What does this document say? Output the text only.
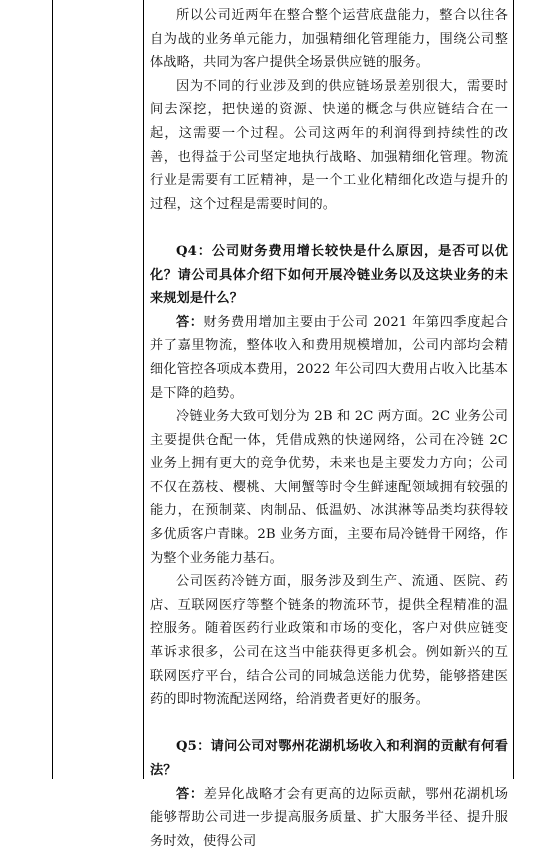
所以公司近两年在整合整个运营底盘能力，整合以往各自为战的业务单元能力，加强精细化管理能力，围绕公司整体战略，共同为客户提供全场景供应链的服务。

因为不同的行业涉及到的供应链场景差别很大，需要时间去深挖，把快递的资源、快递的概念与供应链结合在一起，这需要一个过程。公司这两年的利润得到持续性的改善，也得益于公司坚定地执行战略、加强精细化管理。物流行业是需要有工匠精神，是一个工业化精细化改造与提升的过程，这个过程是需要时间的。

Q4：公司财务费用增长较快是什么原因，是否可以优化？请公司具体介绍下如何开展冷链业务以及这块业务的未来规划是什么？

答：财务费用增加主要由于公司 2021 年第四季度起合并了嘉里物流，整体收入和费用规模增加，公司内部均会精细化管控各项成本费用，2022 年公司四大费用占收入比基本是下降的趋势。

冷链业务大致可划分为 2B 和 2C 两方面。2C 业务公司主要提供仓配一体，凭借成熟的快递网络，公司在冷链 2C 业务上拥有更大的竞争优势，未来也是主要发力方向；公司不仅在荔枝、樱桃、大闸蟹等时令生鲜速配领域拥有较强的能力，在预制菜、肉制品、低温奶、冰淇淋等品类均获得较多优质客户青睐。2B 业务方面，主要布局冷链骨干网络，作为整个业务能力基石。

公司医药冷链方面，服务涉及到生产、流通、医院、药店、互联网医疗等整个链条的物流环节，提供全程精准的温控服务。随着医药行业政策和市场的变化，客户对供应链变革诉求很多，公司在这当中能获得更多机会。例如新兴的互联网医疗平台，结合公司的同城急送能力优势，能够搭建医药的即时物流配送网络，给消费者更好的服务。

Q5：请问公司对鄂州花湖机场收入和利润的贡献有何看法？

答：差异化战略才会有更高的边际贡献，鄂州花湖机场能够帮助公司进一步提高服务质量、扩大服务半径、提升服务时效，使得公司
